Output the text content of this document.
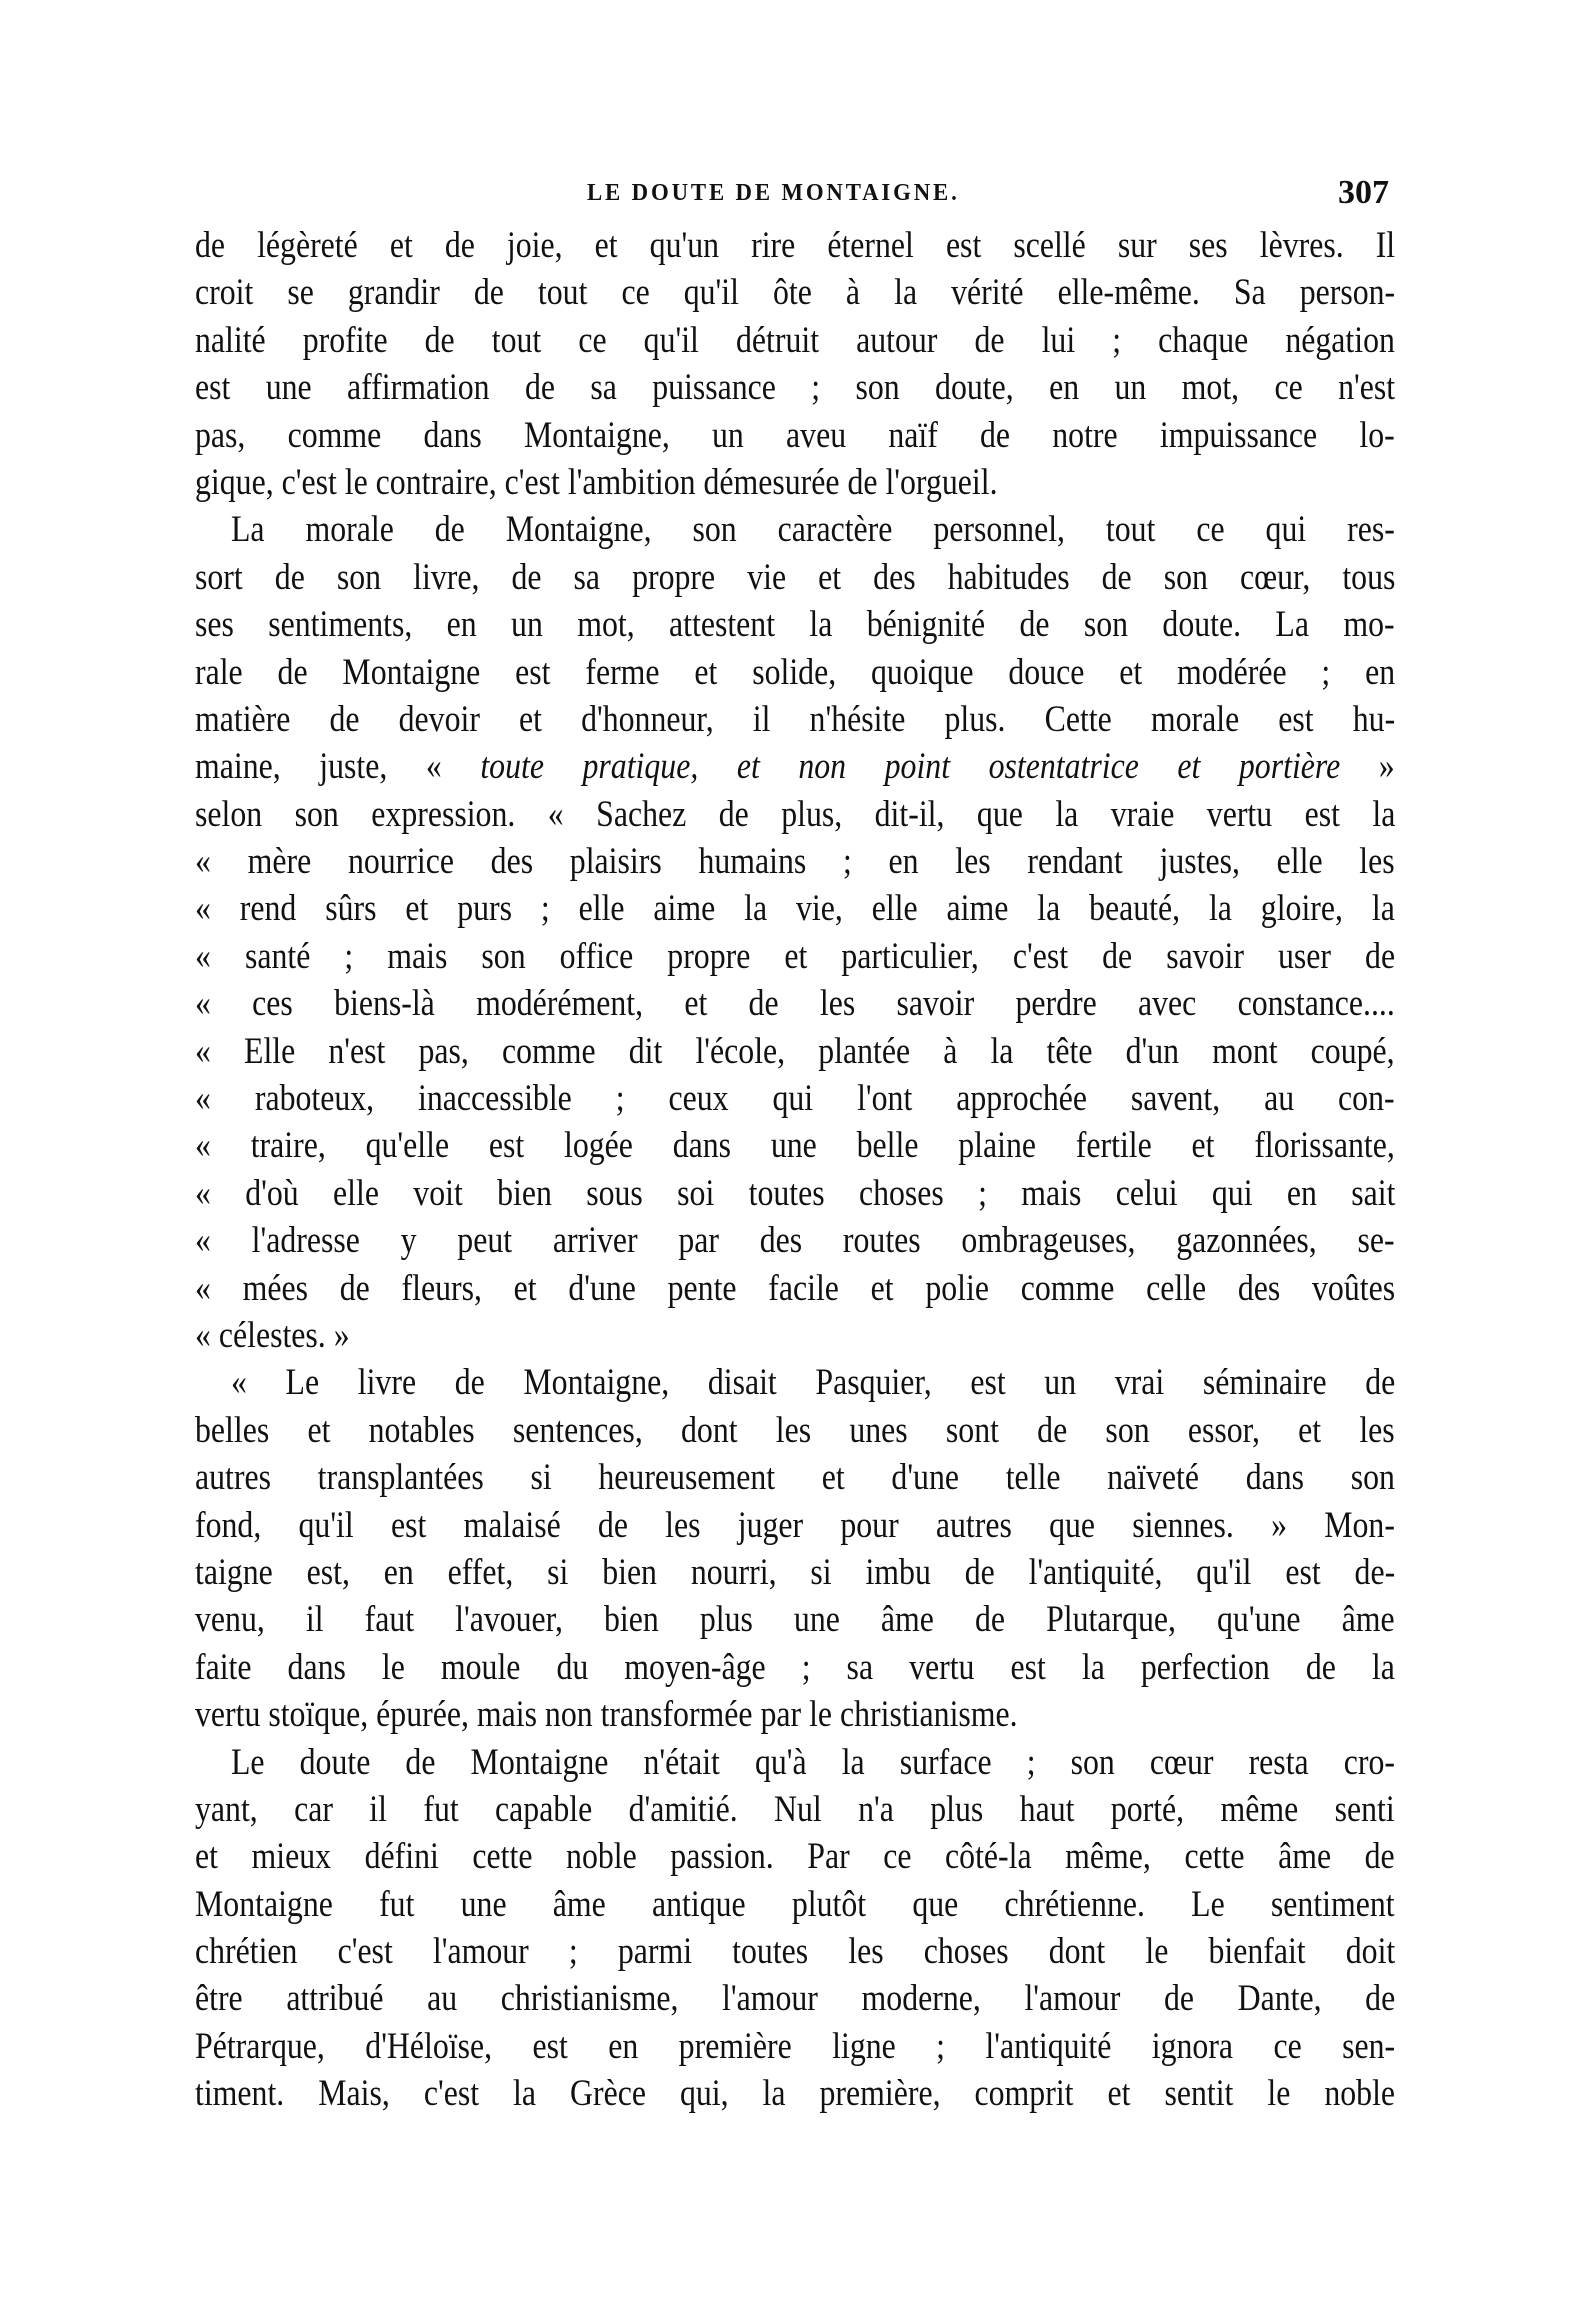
LE DOUTE DE MONTAIGNE.	307
de légèreté et de joie, et qu'un rire éternel est scellé sur ses lèvres. Il
croit se grandir de tout ce qu'il ôte à la vérité elle-même. Sa person-
nalité profite de tout ce qu'il détruit autour de lui ; chaque négation
est une affirmation de sa puissance ; son doute, en un mot, ce n'est
pas, comme dans Montaigne, un aveu naïf de notre impuissance lo-
gique, c'est le contraire, c'est l'ambition démesurée de l'orgueil.
La morale de Montaigne, son caractère personnel, tout ce qui res-
sort de son livre, de sa propre vie et des habitudes de son cœur, tous
ses sentiments, en un mot, attestent la bénignité de son doute. La mo-
rale de Montaigne est ferme et solide, quoique douce et modérée ; en
matière de devoir et d'honneur, il n'hésite plus. Cette morale est hu-
maine, juste, « toute pratique, et non point ostentatrice et portière »
selon son expression. « Sachez de plus, dit-il, que la vraie vertu est la
« mère nourrice des plaisirs humains ; en les rendant justes, elle les
« rend sûrs et purs ; elle aime la vie, elle aime la beauté, la gloire, la
« santé ; mais son office propre et particulier, c'est de savoir user de
« ces biens-là modérément, et de les savoir perdre avec constance....
« Elle n'est pas, comme dit l'école, plantée à la tête d'un mont coupé,
« raboteux, inaccessible ; ceux qui l'ont approchée savent, au con-
« traire, qu'elle est logée dans une belle plaine fertile et florissante,
« d'où elle voit bien sous soi toutes choses ; mais celui qui en sait
« l'adresse y peut arriver par des routes ombrageuses, gazonnées, se-
« mées de fleurs, et d'une pente facile et polie comme celle des voûtes
« célestes. »
« Le livre de Montaigne, disait Pasquier, est un vrai séminaire de
belles et notables sentences, dont les unes sont de son essor, et les
autres transplantées si heureusement et d'une telle naïveté dans son
fond, qu'il est malaisé de les juger pour autres que siennes. » Mon-
taigne est, en effet, si bien nourri, si imbu de l'antiquité, qu'il est de-
venu, il faut l'avouer, bien plus une âme de Plutarque, qu'une âme
faite dans le moule du moyen-âge ; sa vertu est la perfection de la
vertu stoïque, épurée, mais non transformée par le christianisme.
Le doute de Montaigne n'était qu'à la surface ; son cœur resta cro-
yant, car il fut capable d'amitié. Nul n'a plus haut porté, même senti
et mieux défini cette noble passion. Par ce côté-la même, cette âme de
Montaigne fut une âme antique plutôt que chrétienne. Le sentiment
chrétien c'est l'amour ; parmi toutes les choses dont le bienfait doit
être attribué au christianisme, l'amour moderne, l'amour de Dante, de
Pétrarque, d'Héloïse, est en première ligne ; l'antiquité ignora ce sen-
timent. Mais, c'est la Grèce qui, la première, comprit et sentit le noble
